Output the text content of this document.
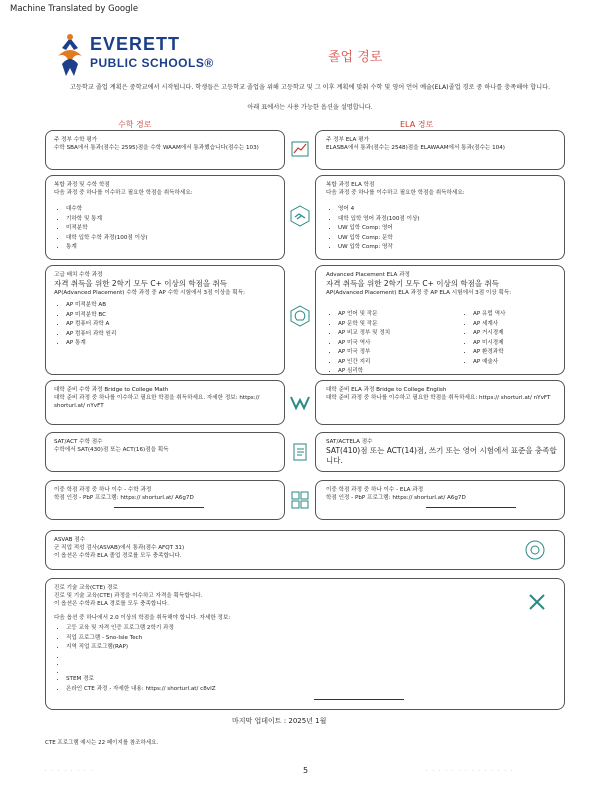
Machine Translated by Google
EVERETT
PUBLIC SCHOOLS®	졸업 경로
고등학교 졸업 계획은 중학교에서 시작됩니다. 학생들은 고등학교 졸업을 위해 고등학교 및 그 이후 계획에 맞춰 수학 및 영어 언어 예술(ELA)졸업 경로 중 하나를 충족해야 합니다.
아래 표에서는 사용 가능한 옵션을 설명합니다.
수학 경로	ELA 경로
주 정부 수학 평가
수학 SBA에서 통과(점수는 2595)점을 수학 WAAM에서 통과했습니다(점수는 103)
주 정부 ELA 평가
ELASBA에서 통과(점수는 2548)점을 ELAWAAM에서 통과(점수는 104)
복합 과정 및 수학 학점
다음 과정 중 하나를 이수하고 필요한 학점을 취득하세요:
• 대수학
• 기하학 및 통계
• 미적분학
• 대학 입학 수학 과정(100점 이상)
• 통계
복합 과정 ELA 학점
다음 과정 중 하나를 이수하고 필요한 학점을 취득하세요:
• 영어 4
• 대학 입학 영어 과정(100점 이상)
• UW 입학 Comp: 영어
• UW 입학 Comp: 문학
• UW 입학 Comp: 영작
고급 배치 수학 과정
자격 취득을 위한 2학기 모두 C+ 이상의 학점을 취득
AP(Advanced Placement) 수학 과정 중 AP 수학 시험에서 3점 이상을 획득:
• AP 미적분학 AB
• AP 미적분학 BC
• AP 컴퓨터 과학 A
• AP 컴퓨터 과학 원리
• AP 통계
Advanced Placement ELA 과정
자격 취득을 위한 2학기 모두 C+ 이상의 학점을 취득
AP(Advanced Placement) ELA 과정 중 AP ELA 시험에서 3점 이상 획득:
• AP 언어 및 작문
• AP 문학 및 작문
• AP 비교 정부 및 정치
• AP 미국 역사
• AP 미국 정부
• AP 인간 지리
• AP 심리학
• AP 유럽 역사
• AP 세계사
• AP 거시경제
• AP 미시경제
• AP 환경과학
• AP 예술사
대학 준비 수학 과정 Bridge to College Math
대학 준비 과정 중 하나를 이수하고 필요한 학점을 취득하세요. 자세한 정보: https:// shorturl.at/ nYvFT
대학 준비 ELA 과정 Bridge to College English
대학 준비 과정 중 하나를 이수하고 필요한 학점을 취득하세요: https:// shorturl.at/ nYvFT
SAT/ACT 수학 점수
수학에서 SAT(430)점 또는 ACT(16)점을 획득
SAT/ACTELA 점수
SAT(410)점 또는 ACT(14)점, 쓰기 또는 영어 시험에서 표준을 충족합니다.
이중 학점 과정 중 하나 이수 - 수학 과정
학점 인정 - PbP 프로그램: https:// shorturl.at/ A6g7D
이중 학점 과정 중 하나 이수 - ELA 과정
학점 인정 - PbP 프로그램: https:// shorturl.at/ A6g7D
ASVAB 점수
군 직업 적성 검사(ASVAB)에서 통과(점수 AFQT 31)
이 옵션은 수학과 ELA 졸업 경로를 모두 충족합니다.
진로 기술 교육(CTE) 경로
진로 및 기술 교육(CTE) 과정을 이수하고 자격을 획득합니다.
이 옵션은 수학과 ELA 경로를 모두 충족합니다.
다음 옵션 중 하나에서 2.0 이상의 학점을 취득해야 합니다. 자세한 정보:
• 고등 교육 및 자격 인증 프로그램 2학기 과정
• 직업 프로그램 - Sno-Isle Tech
• 지역 직업 프로그램(RAP)
•
•
•
• STEM 경로
• 온라인 CTE 과정 - 자세한 내용: https:// shorturl.at/ c8vIZ
마지막 업데이트 : 2025년 1월
CTE 프로그램 예시는 22 페이지를 참조하세요.
· · · · · · · ·	5	· · · · · · · · · · · · · ·
